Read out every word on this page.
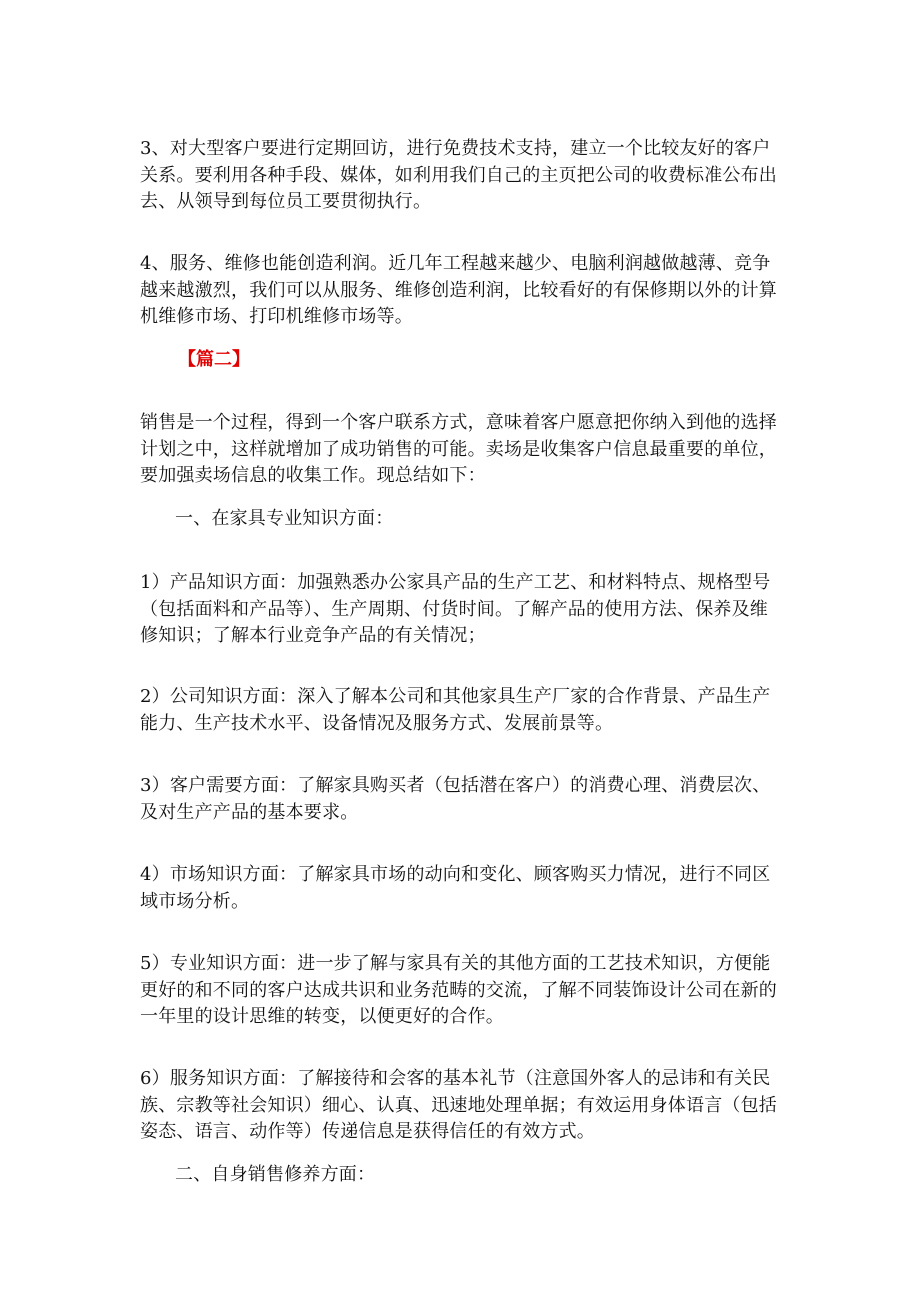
3、对大型客户要进行定期回访，进行免费技术支持，建立一个比较友好的客户关系。要利用各种手段、媒体，如利用我们自己的主页把公司的收费标准公布出去、从领导到每位员工要贯彻执行。

4、服务、维修也能创造利润。近几年工程越来越少、电脑利润越做越薄、竞争越来越激烈，我们可以从服务、维修创造利润，比较看好的有保修期以外的计算机维修市场、打印机维修市场等。

【篇二】

销售是一个过程，得到一个客户联系方式，意味着客户愿意把你纳入到他的选择计划之中，这样就增加了成功销售的可能。卖场是收集客户信息最重要的单位，要加强卖场信息的收集工作。现总结如下：

一、在家具专业知识方面：

1）产品知识方面：加强熟悉办公家具产品的生产工艺、和材料特点、规格型号（包括面料和产品等）、生产周期、付货时间。了解产品的使用方法、保养及维修知识；了解本行业竞争产品的有关情况；

2）公司知识方面：深入了解本公司和其他家具生产厂家的合作背景、产品生产能力、生产技术水平、设备情况及服务方式、发展前景等。

3）客户需要方面：了解家具购买者（包括潜在客户）的消费心理、消费层次、及对生产产品的基本要求。

4）市场知识方面：了解家具市场的动向和变化、顾客购买力情况，进行不同区域市场分析。

5）专业知识方面：进一步了解与家具有关的其他方面的工艺技术知识，方便能更好的和不同的客户达成共识和业务范畴的交流，了解不同装饰设计公司在新的一年里的设计思维的转变，以便更好的合作。

6）服务知识方面：了解接待和会客的基本礼节（注意国外客人的忌讳和有关民族、宗教等社会知识）细心、认真、迅速地处理单据；有效运用身体语言（包括姿态、语言、动作等）传递信息是获得信任的有效方式。

二、自身销售修养方面：
